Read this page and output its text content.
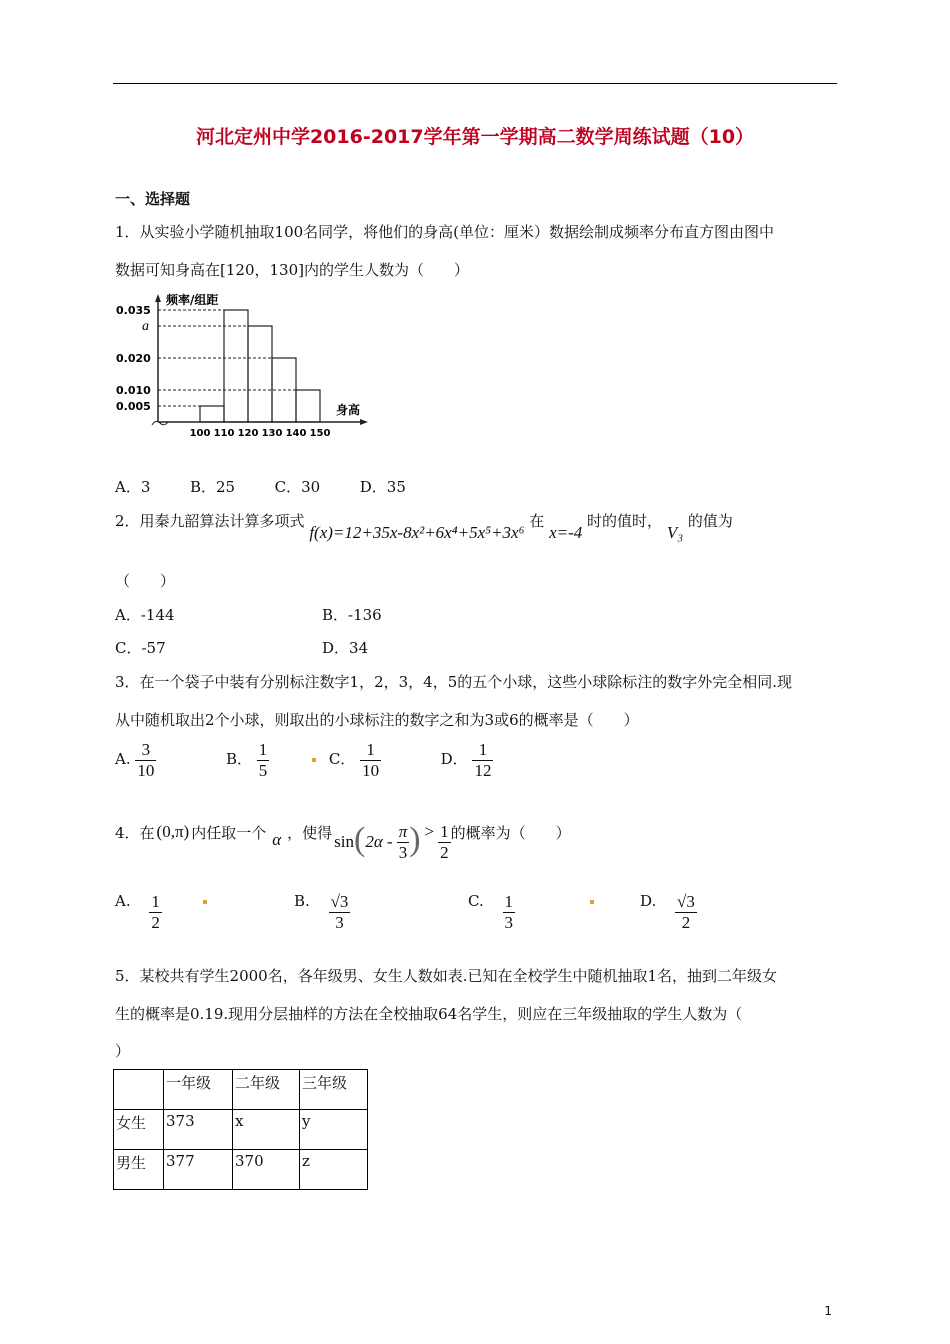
河北定州中学2016-2017学年第一学期高二数学周练试题（10）
一、选择题
1．从实验小学随机抽取100名同学，将他们的身高(单位：厘米）数据绘制成频率分布直方图由图中
数据可知身高在[120，130]内的学生人数为（　　）
0.035
a
0.020
0.010
0.005
100 110 120 130 140 150
频率/组距
身高
A．3	B．25	C．30	D．35
2．用秦九韶算法计算多项式 f(x)=12+35x-8x²+6x⁴+5x⁵+3x⁶ 在 x=-4 时的值时， V₃ 的值为
（　　）
A．-144	B．-136
C．-57	D．34
3．在一个袋子中装有分别标注数字1，2，3，4，5的五个小球，这些小球除标注的数字外完全相同.现
从中随机取出2个小球，则取出的小球标注的数字之和为3或6的概率是（　　）
A. $\frac{3}{10}$	B． $\frac{1}{5}$	C． $\frac{1}{10}$	D． $\frac{1}{12}$
4．在 (0,π) 内任取一个 α ，使得 sin ( $2\alpha - \frac{\pi}{3}$ ) > $\frac{1}{2}$ 的概率为（　　）
A. $\frac{1}{2}$
	B. $\frac{√3}{3}$	C. $\frac{1}{3}$
	D. $\frac{√3}{2}$
5．某校共有学生2000名，各年级男、女生人数如表.已知在全校学生中随机抽取1名，抽到二年级女
生的概率是0.19.现用分层抽样的方法在全校抽取64名学生，则应在三年级抽取的学生人数为（
）
	一年级	二年级	三年级
女生	373	x	y
男生	377	370	z
1
